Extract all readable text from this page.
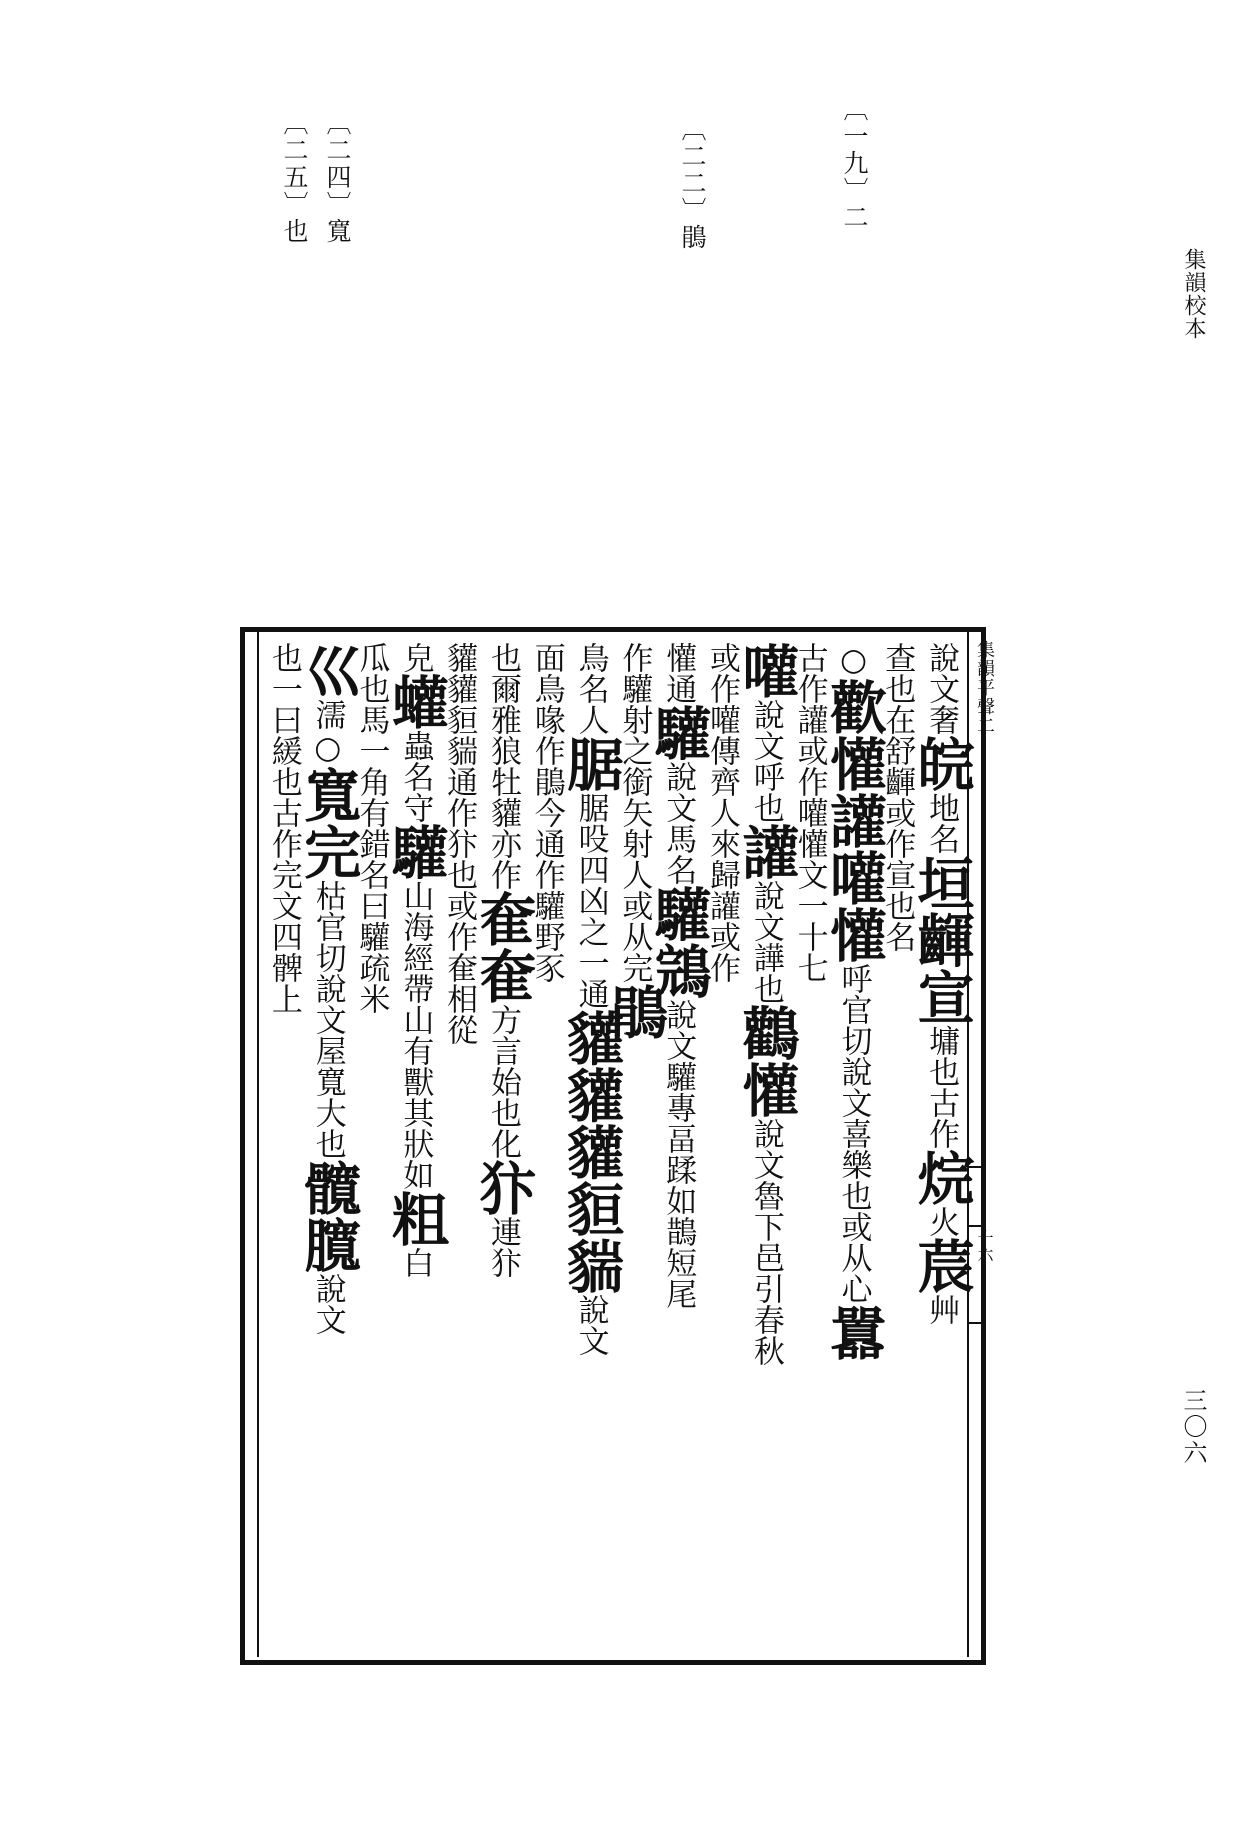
集韻校本
三〇六
〔一九〕二
〔二二〕鵑
〔二四〕寬
〔二五〕也
集韻平聲二
十六
說文奢皖地名垣齳宣墉也古作烷火莀艸
查也在舒齳或作宣也名
○歡懽讙嚾懽呼官切說文喜樂也或从心囂
古作讙或作嚾懽文一十七
嚾說文呼也讙說文譁也鸛懽說文魯下邑引春秋
或作嚾傳齊人來歸讙或作
懽通驩說文馬名驩鵍說文驩專畐蹂如鵲短尾
作驩射之銜矢射人或从完鵑
鳥名人腒腒吺四凶之一通貛貛貛貆貒說文
面鳥喙作鵑今通作驩野豕
也爾雅狼牡貛亦作奞奞方言始也化犿連犿
貛貛貆貒通作犿也或作奞相從
皃蠸蟲名守驩山海經帶山有獸其狀如粗白
瓜也馬一角有錯名曰驩疏米
巛濡○寬完枯官切說文屋寬大也髖臗說文
也一曰緩也古作完文四髀上
